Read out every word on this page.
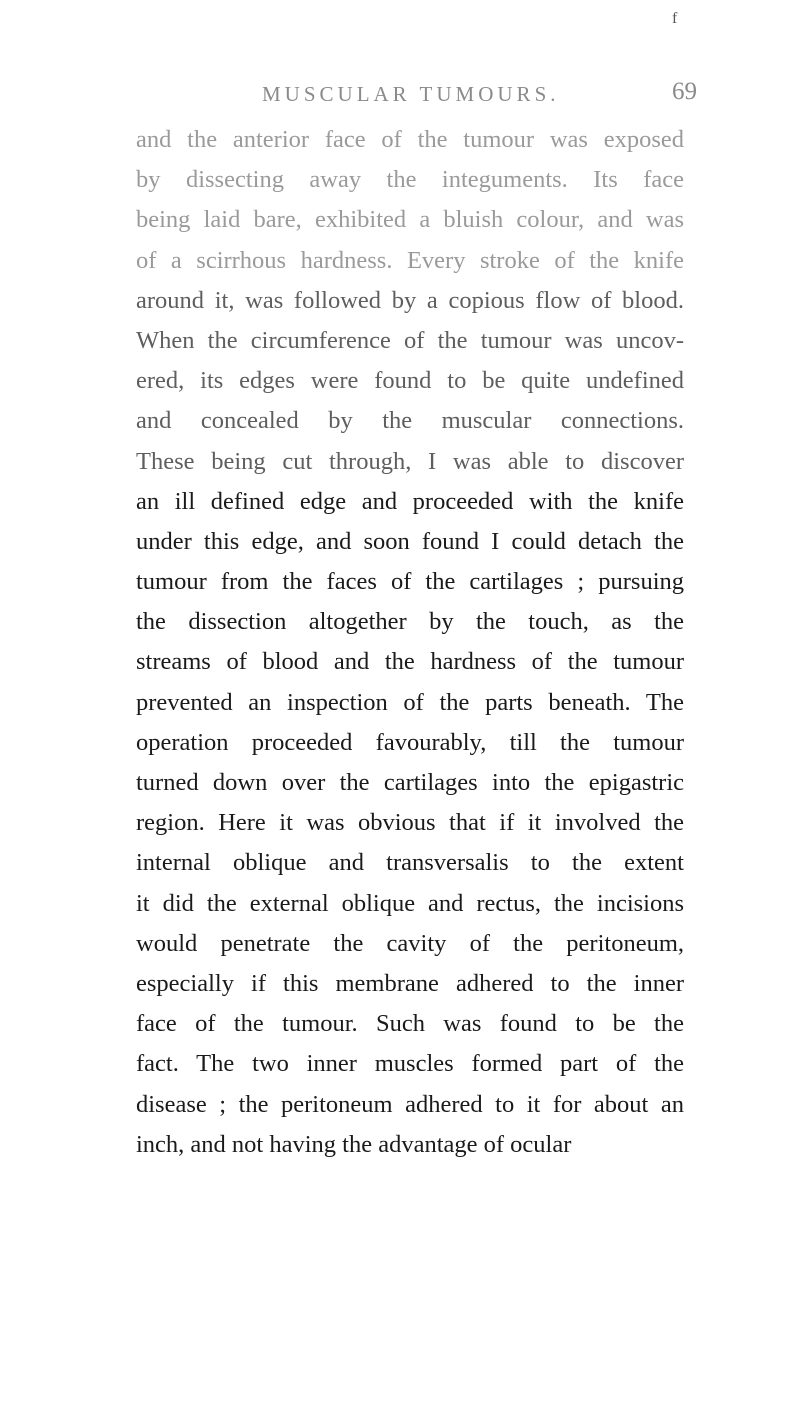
f
MUSCULAR TUMOURS.	69
and the anterior face of the tumour was exposed
by dissecting away the integuments. Its face
being laid bare, exhibited a bluish colour, and was
of a scirrhous hardness. Every stroke of the knife
around it, was followed by a copious flow of blood.
When the circumference of the tumour was uncov-
ered, its edges were found to be quite undefined
and concealed by the muscular connections.
These being cut through, I was able to discover
an ill defined edge and proceeded with the knife
under this edge, and soon found I could detach the
tumour from the faces of the cartilages ; pursuing
the dissection altogether by the touch, as the
streams of blood and the hardness of the tumour
prevented an inspection of the parts beneath. The
operation proceeded favourably, till the tumour
turned down over the cartilages into the epigastric
region. Here it was obvious that if it involved the
internal oblique and transversalis to the extent
it did the external oblique and rectus, the incisions
would penetrate the cavity of the peritoneum,
especially if this membrane adhered to the inner
face of the tumour. Such was found to be the
fact. The two inner muscles formed part of the
disease ; the peritoneum adhered to it for about an
inch, and not having the advantage of ocular
